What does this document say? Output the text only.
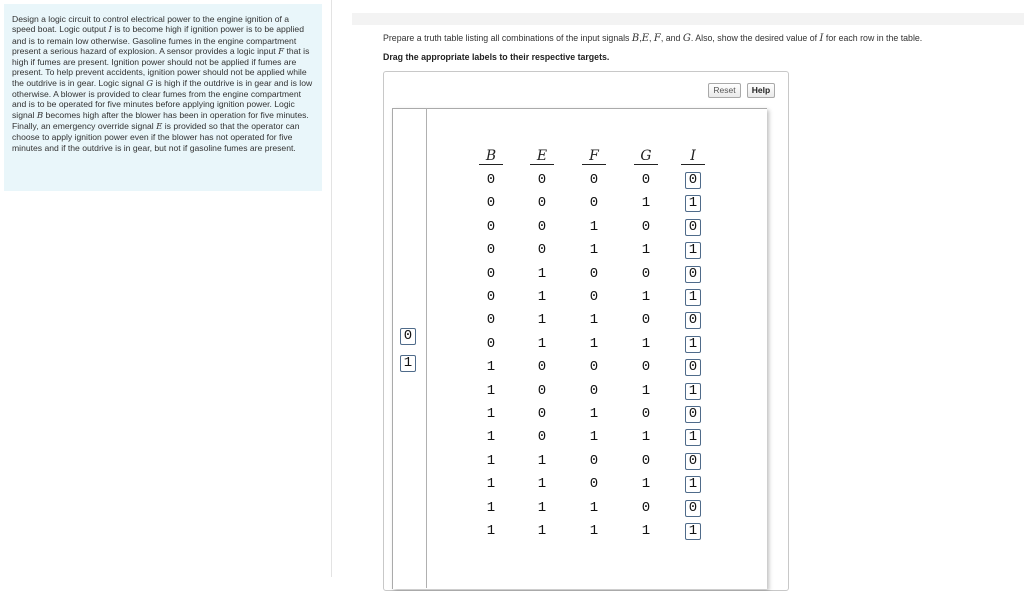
Design a logic circuit to control electrical power to the engine ignition of a speed boat. Logic output I is to become high if ignition power is to be applied and is to remain low otherwise. Gasoline fumes in the engine compartment present a serious hazard of explosion. A sensor provides a logic input F that is high if fumes are present. Ignition power should not be applied if fumes are present. To help prevent accidents, ignition power should not be applied while the outdrive is in gear. Logic signal G is high if the outdrive is in gear and is low otherwise. A blower is provided to clear fumes from the engine compartment and is to be operated for five minutes before applying ignition power. Logic signal B becomes high after the blower has been in operation for five minutes. Finally, an emergency override signal E is provided so that the operator can choose to apply ignition power even if the blower has not operated for five minutes and if the outdrive is in gear, but not if gasoline fumes are present.
Prepare a truth table listing all combinations of the input signals B,E, F, and G. Also, show the desired value of I for each row in the table.
Drag the appropriate labels to their respective targets.
Reset	Help
0
1
B	E	F	G	I
0	0	0	0	0
0	0	0	1	1
0	0	1	0	0
0	0	1	1	1
0	1	0	0	0
0	1	0	1	1
0	1	1	0	0
0	1	1	1	1
1	0	0	0	0
1	0	0	1	1
1	0	1	0	0
1	0	1	1	1
1	1	0	0	0
1	1	0	1	1
1	1	1	0	0
1	1	1	1	1
